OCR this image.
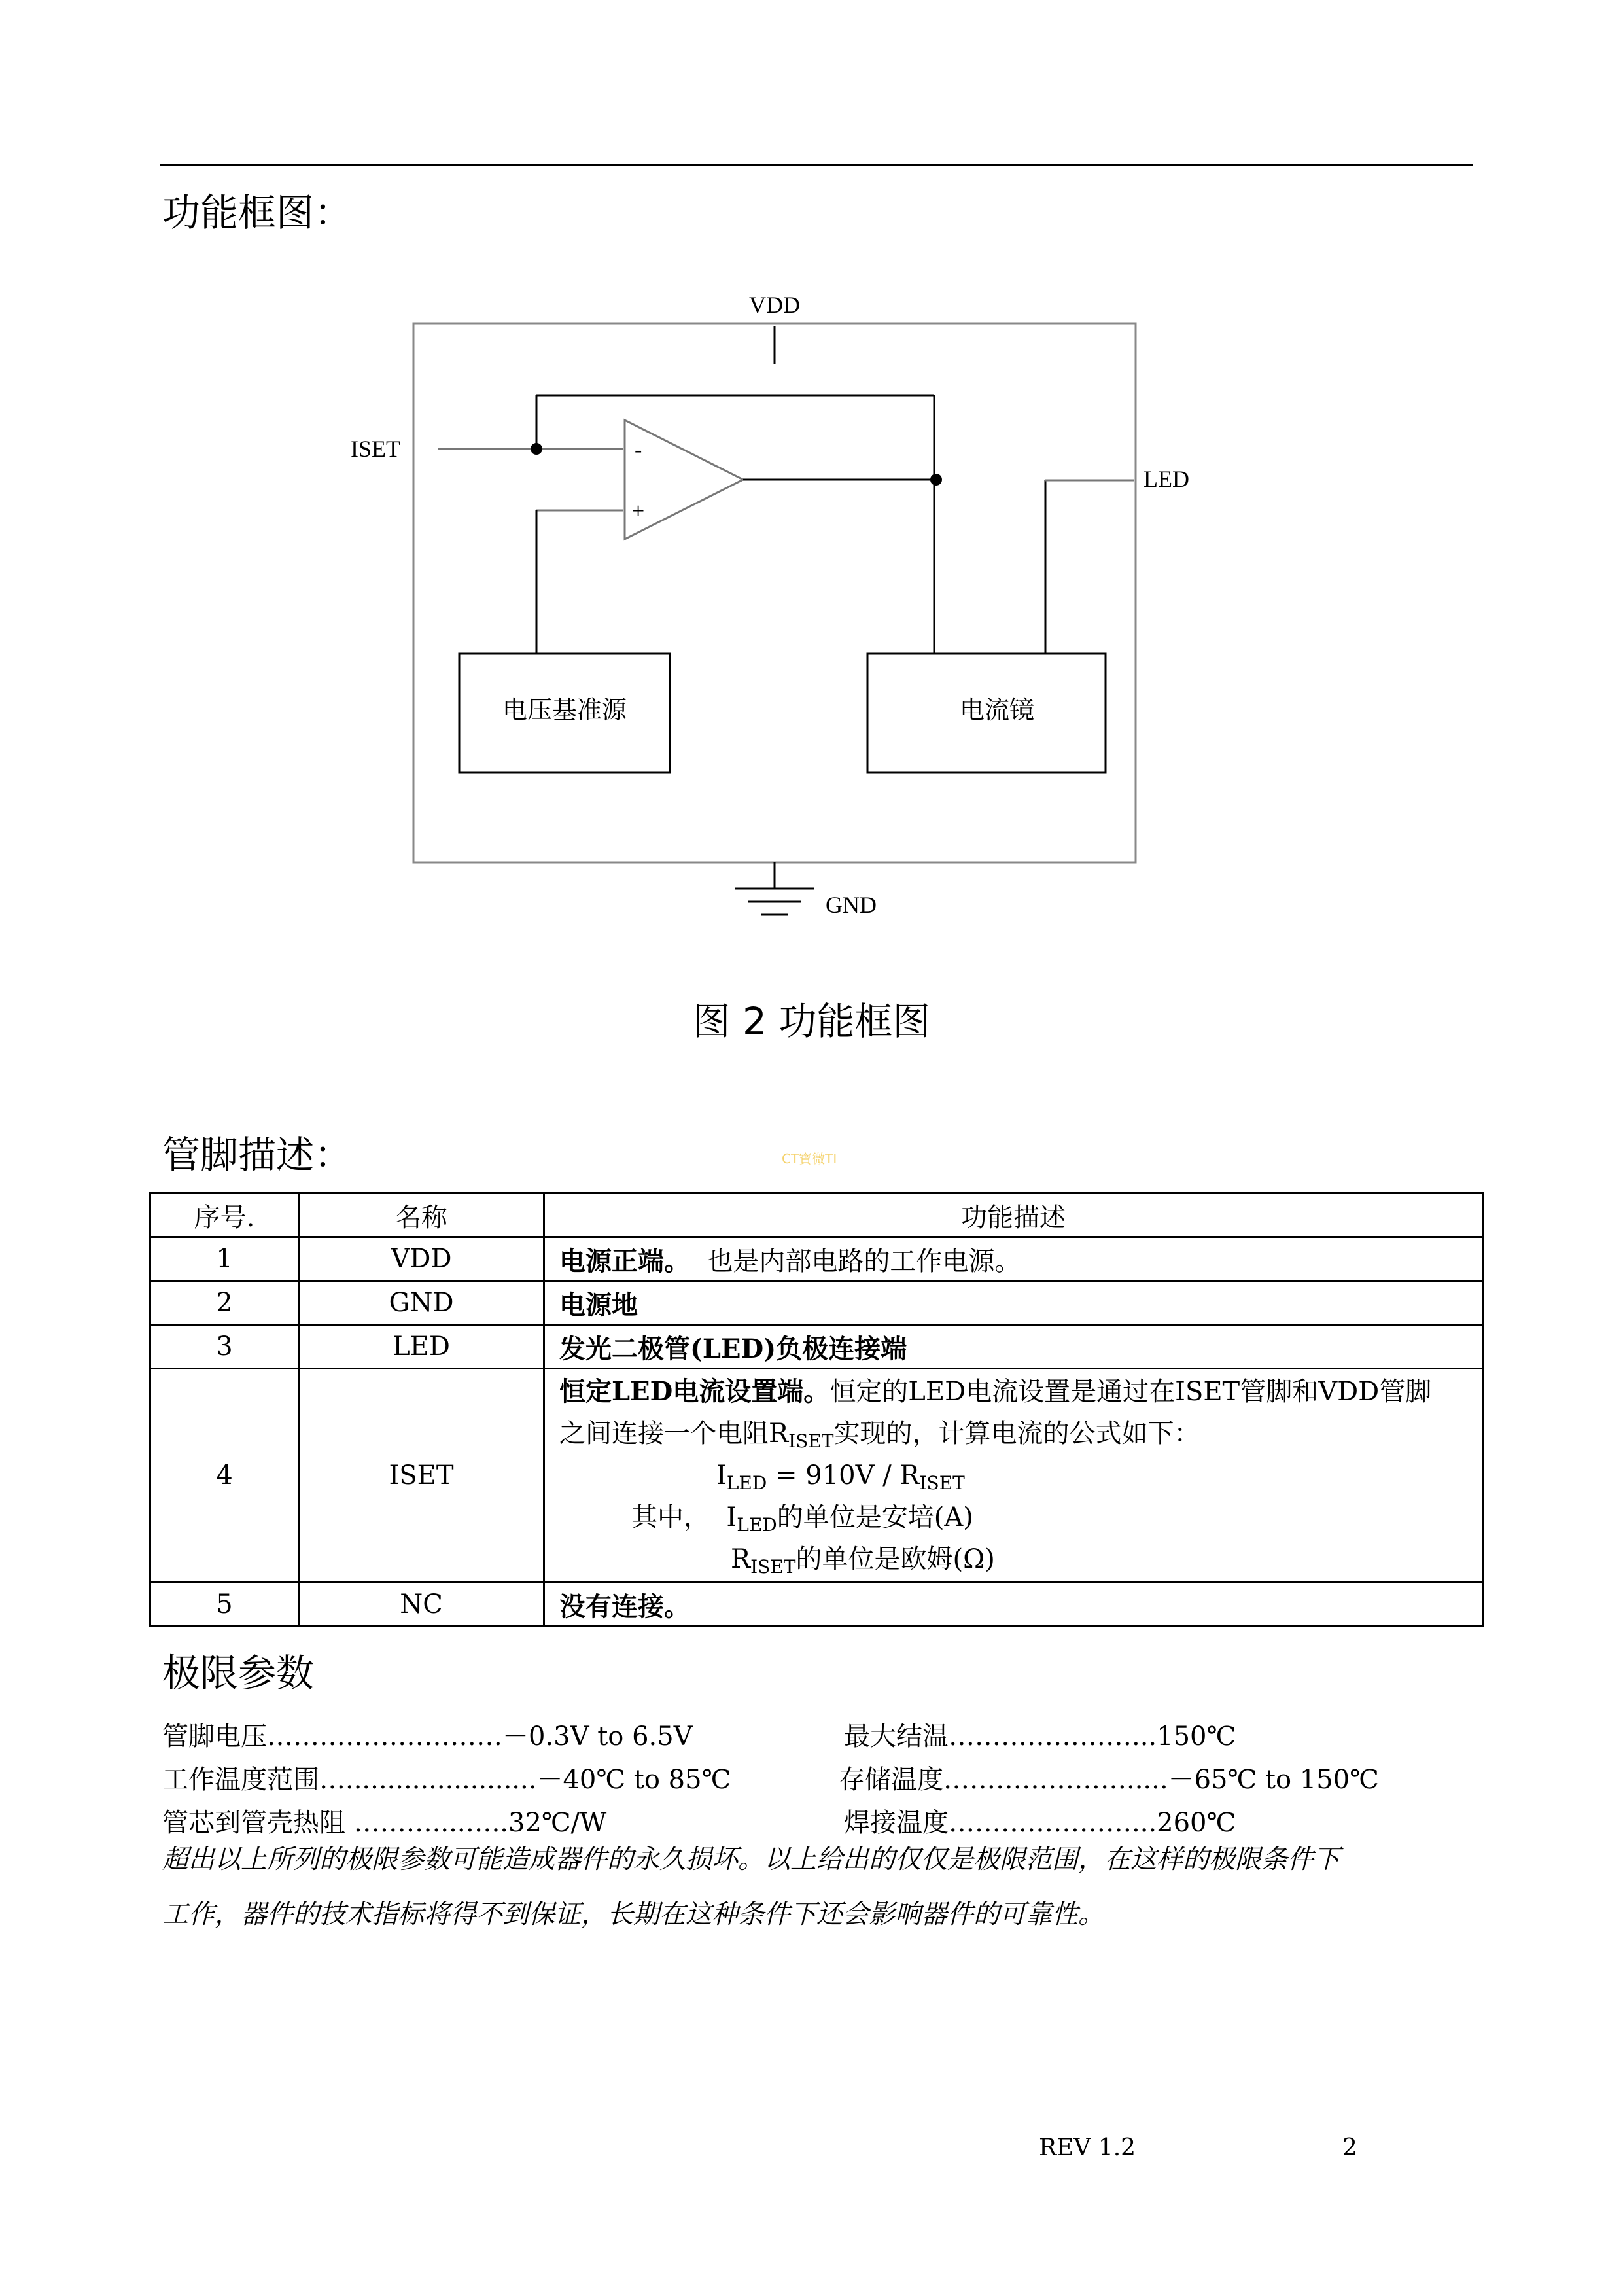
功能框图：
VDD
ISET
LED
GND
-
+
电压基准源	电流镜
图 2 功能框图
管脚描述：	CT寶微TI
序号.	名称	功能描述
1	VDD	电源正端。  也是内部电路的工作电源。
2	GND	电源地
3	LED	发光二极管(LED)负极连接端
4	ISET	恒定LED电流设置端。恒定的LED电流设置是通过在ISET管脚和VDD管脚
之间连接一个电阻$R_{ISET}$实现的，计算电流的公式如下：
$I_{LED} = 910V / R_{ISET}$
其中，  $I_{LED}$的单位是安培(A)
$R_{ISET}$的单位是欧姆(Ω)

5	NC	没有连接。
极限参数
管脚电压………………………－0.3V to 6.5V	最大结温…………………...150℃
工作温度范围….......................－40℃ to 85℃	存储温度………………….....－65℃ to 150℃
管芯到管壳热阻 ………....…..32℃/W	焊接温度…………………...260℃
超出以上所列的极限参数可能造成器件的永久损坏。以上给出的仅仅是极限范围，在这样的极限条件下
工作，器件的技术指标将得不到保证，长期在这种条件下还会影响器件的可靠性。
REV 1.2	2
